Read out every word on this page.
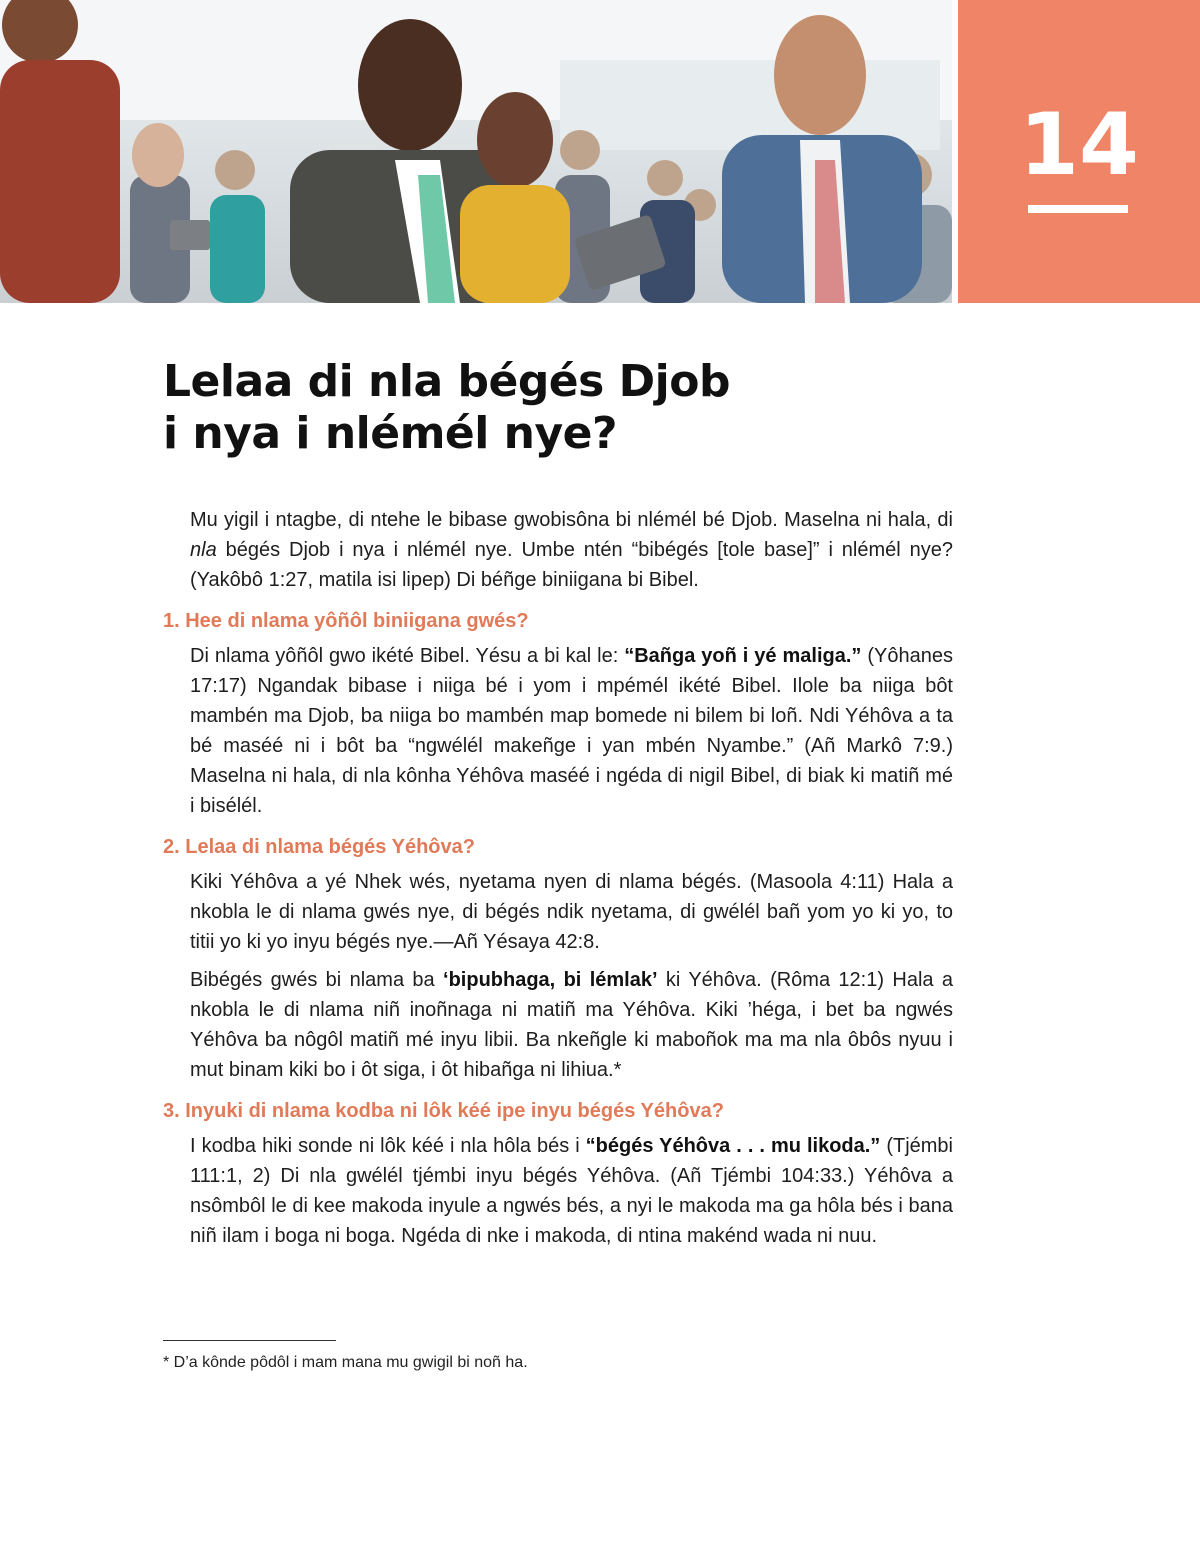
14
Lelaa di nla bégés Djob
i nya i nlémél nye?

Mu yigil i ntagbe, di ntehe le bibase gwobisôna bi nlémél bé Djob. Maselna ni hala, di nla bégés Djob i nya i nlémél nye. Umbe ntén “bibégés [tole base]” i nlémél nye? (Yakôbô 1:27, matila isi lipep) Di béñge biniigana bi Bibel.

1. Hee di nlama yôñôl biniigana gwés?

Di nlama yôñôl gwo ikété Bibel. Yésu a bi kal le: “Bañga yoñ i yé maliga.” (Yôhanes 17:17) Ngandak bibase i niiga bé i yom i mpémél ikété Bibel. Ilole ba niiga bôt mambén ma Djob, ba niiga bo mambén map bomede ni bilem bi loñ. Ndi Yéhôva a ta bé maséé ni i bôt ba “ngwélél makeñge i yan mbén Nyambe.” (Añ Markô 7:9.) Maselna ni hala, di nla kônha Yéhôva maséé i ngéda di nigil Bibel, di biak ki matiñ mé i bisélél.

2. Lelaa di nlama bégés Yéhôva?

Kiki Yéhôva a yé Nhek wés, nyetama nyen di nlama bégés. (Masoola 4:11) Hala a nkobla le di nlama gwés nye, di bégés ndik nyetama, di gwélél bañ yom yo ki yo, to titii yo ki yo inyu bégés nye.—Añ Yésaya 42:8.

Bibégés gwés bi nlama ba ‘bipubhaga, bi lémlak’ ki Yéhôva. (Rôma 12:1) Hala a nkobla le di nlama niñ inoñnaga ni matiñ ma Yéhôva. Kiki ’héga, i bet ba ngwés Yéhôva ba nôgôl matiñ mé inyu libii. Ba nkeñgle ki maboñok ma ma nla ôbôs nyuu i mut binam kiki bo i ôt siga, i ôt hibañga ni lihiua.*

3. Inyuki di nlama kodba ni lôk kéé ipe inyu bégés Yéhôva?

I kodba hiki sonde ni lôk kéé i nla hôla bés i “bégés Yéhôva . . . mu likoda.” (Tjémbi 111:1, 2) Di nla gwélél tjémbi inyu bégés Yéhôva. (Añ Tjémbi 104:33.) Yéhôva a nsômbôl le di kee makoda inyule a ngwés bés, a nyi le makoda ma ga hôla bés i bana niñ ilam i boga ni boga. Ngéda di nke i makoda, di ntina makénd wada ni nuu.

* D’a kônde pôdôl i mam mana mu gwigil bi noñ ha.
